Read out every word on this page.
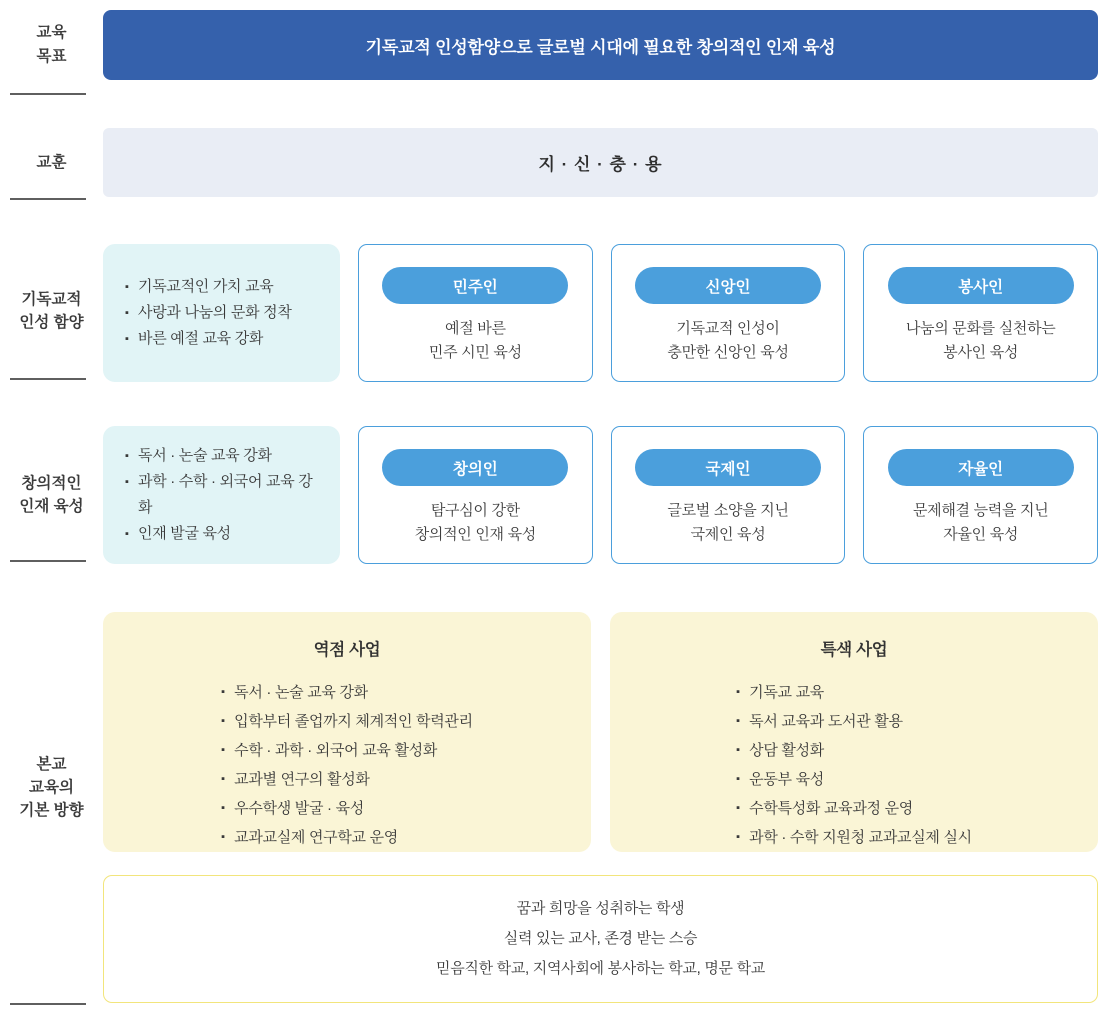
교육
목표	기독교적 인성함양으로 글로벌 시대에 필요한 창의적인 인재 육성
교훈	지 · 신 · 충 · 용
기독교적
인성 함양
▪ 기독교적인 가치 교육
▪ 사랑과 나눔의 문화 정착
▪ 바른 예절 교육 강화
민주인
예절 바른
민주 시민 육성
신앙인
기독교적 인성이
충만한 신앙인 육성
봉사인
나눔의 문화를 실천하는
봉사인 육성
창의적인
인재 육성
▪ 독서 · 논술 교육 강화
▪ 과학 · 수학 · 외국어 교육 강화
▪ 인재 발굴 육성
창의인
탐구심이 강한
창의적인 인재 육성
국제인
글로벌 소양을 지닌
국제인 육성
자율인
문제해결 능력을 지닌
자율인 육성
본교
교육의
기본 방향
역점 사업
▪ 독서 · 논술 교육 강화
▪ 입학부터 졸업까지 체계적인 학력관리
▪ 수학 · 과학 · 외국어 교육 활성화
▪ 교과별 연구의 활성화
▪ 우수학생 발굴 · 육성
▪ 교과교실제 연구학교 운영
특색 사업
▪ 기독교 교육
▪ 독서 교육과 도서관 활용
▪ 상담 활성화
▪ 운동부 육성
▪ 수학특성화 교육과정 운영
▪ 과학 · 수학 지원청 교과교실제 실시
꿈과 희망을 성취하는 학생
실력 있는 교사, 존경 받는 스승
믿음직한 학교, 지역사회에 봉사하는 학교, 명문 학교
